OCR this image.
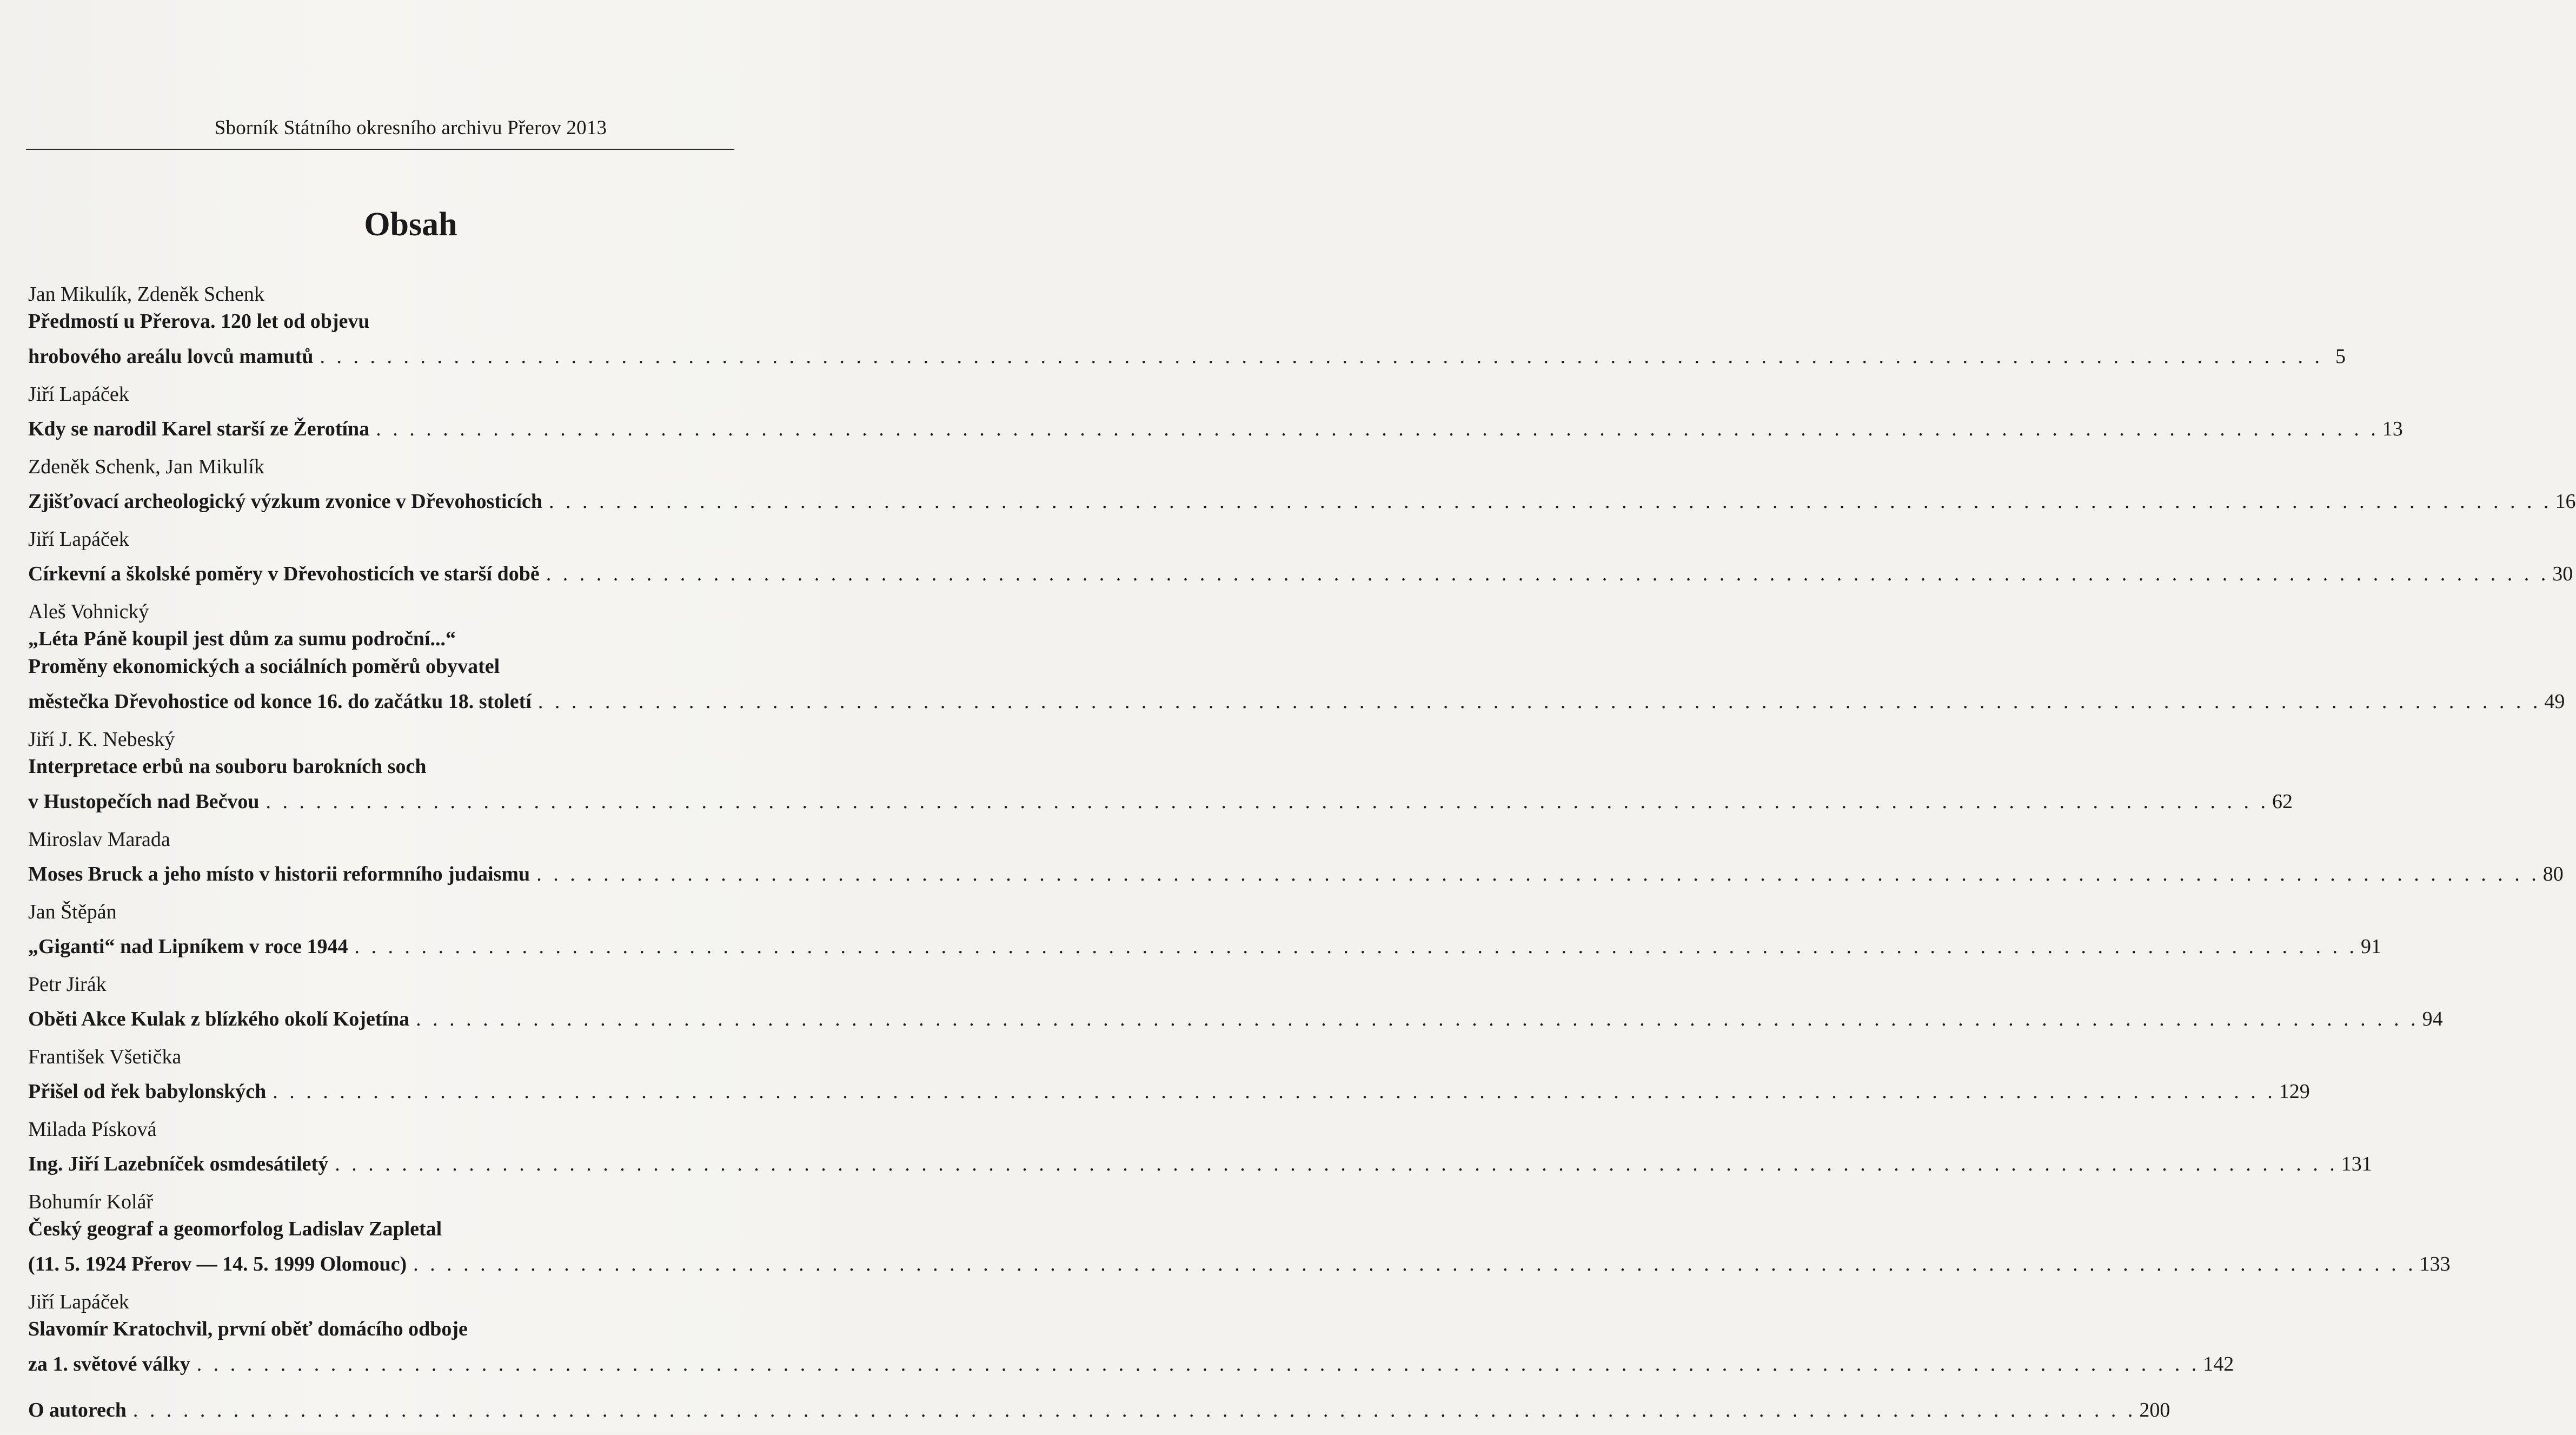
Sborník Státního okresního archivu Přerov 2013
Obsah
Jan Mikulík, Zdeněk Schenk
Předmostí u Přerova. 120 let od objevu
hrobového areálu lovců mamutů . . . . . . . . . . . . . . . . . . . . . . . . . . . . . . . . . . . . . . . . . . . . . . . . . . . . . . . . . . . . . . . . . . . . . . . . . . . . . . . . . . . . . . . . . . . . . . . . . . . . . . . . . . . . . . . . . . . . . . . . 5
Jiří Lapáček
Kdy se narodil Karel starší ze Žerotína . . . . . . . . . . . . . . . . . . . . . . . . . . . . . . . . . . . . . . . . . . . . . . . . . . . . . . . . . . . . . . . . . . . . . . . . . . . . . . . . . . . . . . . . . . . . . . . . . . . . . . . . . . . . . . . . . . . . . . . . 13
Zdeněk Schenk, Jan Mikulík
Zjišťovací archeologický výzkum zvonice v Dřevohosticích . . . . . . . . . . . . . . . . . . . . . . . . . . . . . . . . . . . . . . . . . . . . . . . . . . . . . . . . . . . . . . . . . . . . . . . . . . . . . . . . . . . . . . . . . . . . . . . . . . . . . . . . . . . . . . . . . . . . . . . . 16
Jiří Lapáček
Církevní a školské poměry v Dřevohosticích ve starší době . . . . . . . . . . . . . . . . . . . . . . . . . . . . . . . . . . . . . . . . . . . . . . . . . . . . . . . . . . . . . . . . . . . . . . . . . . . . . . . . . . . . . . . . . . . . . . . . . . . . . . . . . . . . . . . . . . . . . . . . 30
Aleš Vohnický
„Léta Páně koupil jest dům za sumu področní...“
Proměny ekonomických a sociálních poměrů obyvatel
městečka Dřevohostice od konce 16. do začátku 18. století . . . . . . . . . . . . . . . . . . . . . . . . . . . . . . . . . . . . . . . . . . . . . . . . . . . . . . . . . . . . . . . . . . . . . . . . . . . . . . . . . . . . . . . . . . . . . . . . . . . . . . . . . . . . . . . . . . . . . . . . 49
Jiří J. K. Nebeský
Interpretace erbů na souboru barokních soch
v Hustopečích nad Bečvou . . . . . . . . . . . . . . . . . . . . . . . . . . . . . . . . . . . . . . . . . . . . . . . . . . . . . . . . . . . . . . . . . . . . . . . . . . . . . . . . . . . . . . . . . . . . . . . . . . . . . . . . . . . . . . . . . . . . . . . . 62
Miroslav Marada
Moses Bruck a jeho místo v historii reformního judaismu . . . . . . . . . . . . . . . . . . . . . . . . . . . . . . . . . . . . . . . . . . . . . . . . . . . . . . . . . . . . . . . . . . . . . . . . . . . . . . . . . . . . . . . . . . . . . . . . . . . . . . . . . . . . . . . . . . . . . . . . 80
Jan Štěpán
„Giganti“ nad Lipníkem v roce 1944 . . . . . . . . . . . . . . . . . . . . . . . . . . . . . . . . . . . . . . . . . . . . . . . . . . . . . . . . . . . . . . . . . . . . . . . . . . . . . . . . . . . . . . . . . . . . . . . . . . . . . . . . . . . . . . . . . . . . . . . . 91
Petr Jirák
Oběti Akce Kulak z blízkého okolí Kojetína . . . . . . . . . . . . . . . . . . . . . . . . . . . . . . . . . . . . . . . . . . . . . . . . . . . . . . . . . . . . . . . . . . . . . . . . . . . . . . . . . . . . . . . . . . . . . . . . . . . . . . . . . . . . . . . . . . . . . . . . 94
František Všetička
Přišel od řek babylonských . . . . . . . . . . . . . . . . . . . . . . . . . . . . . . . . . . . . . . . . . . . . . . . . . . . . . . . . . . . . . . . . . . . . . . . . . . . . . . . . . . . . . . . . . . . . . . . . . . . . . . . . . . . . . . . . . . . . . . . . 129
Milada Písková
Ing. Jiří Lazebníček osmdesátiletý . . . . . . . . . . . . . . . . . . . . . . . . . . . . . . . . . . . . . . . . . . . . . . . . . . . . . . . . . . . . . . . . . . . . . . . . . . . . . . . . . . . . . . . . . . . . . . . . . . . . . . . . . . . . . . . . . . . . . . . . 131
Bohumír Kolář
Český geograf a geomorfolog Ladislav Zapletal
(11. 5. 1924 Přerov — 14. 5. 1999 Olomouc) . . . . . . . . . . . . . . . . . . . . . . . . . . . . . . . . . . . . . . . . . . . . . . . . . . . . . . . . . . . . . . . . . . . . . . . . . . . . . . . . . . . . . . . . . . . . . . . . . . . . . . . . . . . . . . . . . . . . . . . . 133
Jiří Lapáček
Slavomír Kratochvil, první oběť domácího odboje
za 1. světové války . . . . . . . . . . . . . . . . . . . . . . . . . . . . . . . . . . . . . . . . . . . . . . . . . . . . . . . . . . . . . . . . . . . . . . . . . . . . . . . . . . . . . . . . . . . . . . . . . . . . . . . . . . . . . . . . . . . . . . . . 142
O autorech . . . . . . . . . . . . . . . . . . . . . . . . . . . . . . . . . . . . . . . . . . . . . . . . . . . . . . . . . . . . . . . . . . . . . . . . . . . . . . . . . . . . . . . . . . . . . . . . . . . . . . . . . . . . . . . . . . . . . . . . 200
